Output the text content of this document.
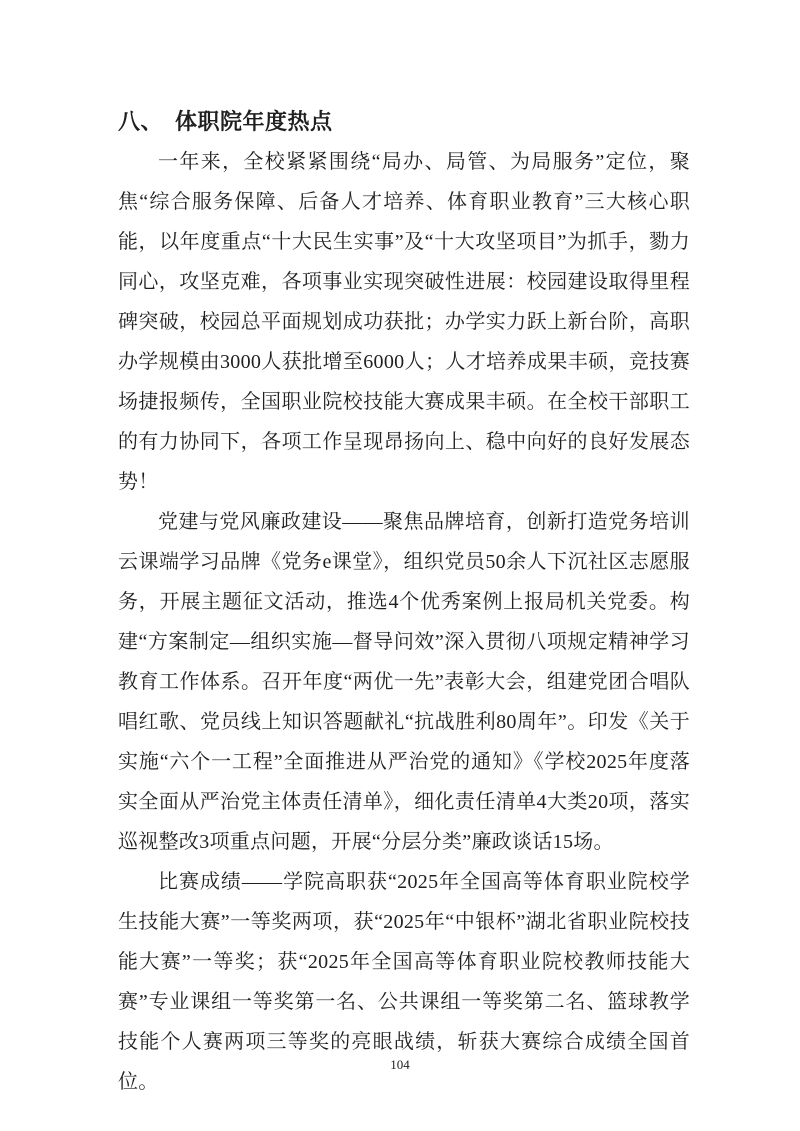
八、  体职院年度热点

一年来，全校紧紧围绕“局办、局管、为局服务”定位，聚焦“综合服务保障、后备人才培养、体育职业教育”三大核心职能，以年度重点“十大民生实事”及“十大攻坚项目”为抓手，勠力同心，攻坚克难，各项事业实现突破性进展：校园建设取得里程碑突破，校园总平面规划成功获批；办学实力跃上新台阶，高职办学规模由3000人获批增至6000人；人才培养成果丰硕，竞技赛场捷报频传，全国职业院校技能大赛成果丰硕。在全校干部职工的有力协同下，各项工作呈现昂扬向上、稳中向好的良好发展态势！

党建与党风廉政建设——聚焦品牌培育，创新打造党务培训云课端学习品牌《党务e课堂》，组织党员50余人下沉社区志愿服务，开展主题征文活动，推选4个优秀案例上报局机关党委。构建“方案制定—组织实施—督导问效”深入贯彻八项规定精神学习教育工作体系。召开年度“两优一先”表彰大会，组建党团合唱队唱红歌、党员线上知识答题献礼“抗战胜利80周年”。印发《关于实施“六个一工程”全面推进从严治党的通知》《学校2025年度落实全面从严治党主体责任清单》，细化责任清单4大类20项，落实巡视整改3项重点问题，开展“分层分类”廉政谈话15场。

比赛成绩——学院高职获“2025年全国高等体育职业院校学生技能大赛”一等奖两项，获“2025年“中银杯”湖北省职业院校技能大赛”一等奖；获“2025年全国高等体育职业院校教师技能大赛”专业课组一等奖第一名、公共课组一等奖第二名、篮球教学技能个人赛两项三等奖的亮眼战绩，斩获大赛综合成绩全国首位。

104
